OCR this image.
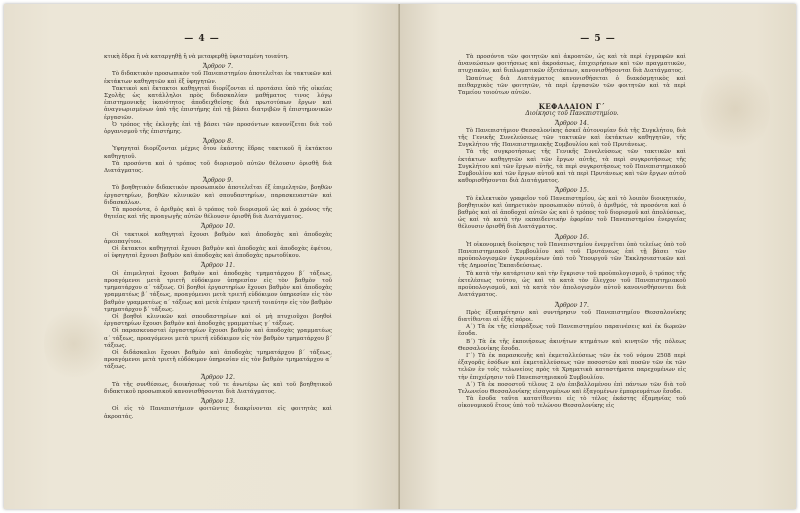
— 4 —

κτικὴ ἕδρα ἢ νὰ καταργηθῇ ἢ νὰ μεταφερθῇ ὑφισταμένη τοιαύτη.

Ἄρθρον 7.

Τὸ διδακτικὸν προσωπικὸν τοῦ Πανεπιστημίου ἀποτελεῖται ἐκ τακτικῶν καὶ ἐκτάκτων καθηγητῶν καὶ ἐξ ὑφηγητῶν.

Τακτικοὶ καὶ ἔκτακτοι καθηγηταὶ διορίζονται εἰ προτάσει ὑπὸ τῆς οἰκείας Σχολῆς ὡς κατάλληλοι πρὸς διδασκαλίαν μαθήματος τινος λόγῳ ἐπιστημονικῆς ἱκανότητος ἀποδειχθείσης διὰ πρωτοτύπων ἔργων καὶ ἀναγνωρισμένων ὑπὸ τῆς ἐπιστήμης ἐπὶ τῇ βάσει διατριβῶν ἢ ἐπιστημονικῶν ἐργασιῶν.

Ὁ τρόπος τῆς ἐκλογῆς ἐπὶ τῇ βάσει τῶν προσόντων κανονίζεται διὰ τοῦ ὀργανισμοῦ τῆς ἐπιστήμης.

Ἄρθρον 8.

Ὑφηγηταὶ διορίζονται μέχρις ὅτου ἐκάστης ἕδρας τακτικοῦ ἢ ἐκτάκτου καθηγητοῦ.

Τὰ προσόντα καὶ ὁ τρόπος τοῦ διορισμοῦ αὐτῶν θέλουσιν ὁρισθῆ διὰ Διατάγματος.

Ἄρθρον 9.

Τὸ βοηθητικὸν διδακτικὸν προσωπικὸν ἀποτελεῖται ἐξ ἐπιμελητῶν, βοηθῶν ἐργαστηρίων, βοηθῶν κλινικῶν καὶ σπουδαστηρίων, παρασκευαστῶν καὶ διδασκάλων.

Τὰ προσόντα, ὁ ἀριθμὸς καὶ ὁ τρόπος τοῦ διορισμοῦ ὡς καὶ ὁ χρόνος τῆς θητείας καὶ τῆς προαγωγῆς αὐτῶν θέλουσιν ὁρισθῆ διὰ Διατάγματος.

Ἄρθρον 10.

Οἱ τακτικοὶ καθηγηταὶ ἔχουσι βαθμὸν καὶ ἀποδοχὰς καὶ ἀποδοχὰς ἀρεοπαγίτου.

Οἱ ἔκτακτοι καθηγηταὶ ἔχουσι βαθμὸν καὶ ἀποδοχὰς καὶ ἀποδοχὰς ἐφέτου, οἱ ὑφηγηταὶ ἔχουσι βαθμὸν καὶ ἀποδοχὰς καὶ ἀποδοχὰς πρωτοδίκου.

Ἄρθρον 11.

Οἱ ἐπιμεληταὶ ἔχουσι βαθμὸν καὶ ἀποδοχὰς τμηματάρχου β΄ τάξεως, προαγόμενοι μετὰ τριετῆ εὐδόκιμον ὑπηρεσίαν εἰς τὸν βαθμὸν τοῦ τμηματάρχου α΄ τάξεως. Οἱ βοηθοὶ ἐργαστηρίων ἔχουσι βαθμὸν καὶ ἀποδοχὰς γραμματέως β΄ τάξεως, προαγόμενοι μετὰ τριετῆ εὐδόκιμον ὑπηρεσίαν εἰς τὸν βαθμὸν γραμματέως α΄ τάξεως καὶ μετὰ ἑτέραν τριετῆ τοιαύτην εἰς τὸν βαθμὸν τμηματάρχου β΄ τάξεως.

Οἱ βοηθοὶ κλινικῶν καὶ σπουδαστηρίων καὶ οἱ μὴ πτυχιοῦχοι βοηθοὶ ἐργαστηρίων ἔχουσι βαθμὸν καὶ ἀποδοχὰς γραμματέως γ΄ τάξεως.

Οἱ παρασκευασταὶ ἐργαστηρίων ἔχουσι βαθμὸν καὶ ἀποδοχὰς γραμματέως α΄ τάξεως, προαγόμενοι μετὰ τριετῆ εὐδόκιμον εἰς τὸν βαθμὸν τμηματάρχου β΄ τάξεως.

Οἱ διδάσκαλοι ἔχουσι βαθμὸν καὶ ἀποδοχὰς τμηματάρχου β΄ τάξεως, προαγόμενοι μετὰ τριετῆ εὐδόκιμον ὑπηρεσίαν εἰς τὸν βαθμὸν τμηματάρχου α΄ τάξεως.

Ἄρθρον 12.

Τὰ τῆς συνθέσεως, διοικήσεως τοῦ τε ἀνωτέρω ὡς καὶ τοῦ βοηθητικοῦ διδακτικοῦ προσωπικοῦ κανονισθήσονται διὰ Διατάγματος.

Ἄρθρον 13.

Οἱ εἰς τὸ Πανεπιστήμιον φοιτῶντες διακρίνονται εἰς φοιτητὰς καὶ ἀκροατάς.

— 5 —

Τὰ προσόντα τῶν φοιτητῶν καὶ ἀκροατῶν, ὡς καὶ τὰ περὶ ἐγγραφῶν καὶ ἀνανεώσεων φοιτήσεως καὶ ἀκροάσεως, ἐπιχειρήσεων καὶ τῶν πραγματικῶν, πτυχιακῶν, καὶ διπλωματικῶν ἐξετάσεων, κανονισθήσονται διὰ Διατάγματος.

Ὡσαύτως διὰ Διατάγματος κανονισθήσεται ὁ διακόσμητικὸς καὶ πειθαρχικὸς τῶν φοιτητῶν, τὰ περὶ ἐργασιῶν τῶν φοιτητῶν καὶ τὰ περὶ Ταμείου τοιούτων αὐτῶν.

ΚΕΦΑΛΑΙΟΝ Γ΄
Διοίκησις τοῦ Πανεπιστημίου.
Ἄρθρον 14.

Τὸ Πανεπιστήμιον Θεσσαλονίκης ἀσκεῖ ἀὐτονομίαν διὰ τῆς Συγκλήτου, διὰ τῆς Γενικῆς Συνελεύσεως τῶν τακτικῶν καὶ ἐκτάκτων καθηγητῶν, τῆς Συγκλήτου τῆς Πανεπιστημιακῆς Συμβουλίου καὶ τοῦ Πρυτάνεως.

Τὰ τῆς συγκροτήσεως τῆς Γενικῆς Συνελεύσεως τῶν τακτικῶν καὶ ἐκτάκτων καθηγητῶν καὶ τῶν ἔργων αὐτῆς, τὰ περὶ συγκροτήσεως τῆς Συγκλήτου καὶ τῶν ἔργων αὐτῆς, τὰ περὶ συγκροτήσεως τοῦ Πανεπιστημιακοῦ Συμβουλίου καὶ τῶν ἔργων αὐτοῦ καὶ τὰ περὶ Πρυτάνεως καὶ τῶν ἔργων αὐτοῦ καθορισθήσονται διὰ Διατάγματος.

Ἄρθρον 15.

Τὸ ἐκλεκτικὸν γραφεῖον τοῦ Πανεπιστημίου, ὡς καὶ τὸ λοιπὸν διοικητικόν, βοηθητικὸν καὶ ὑπηρετικὸν προσωπικὸν αὐτοῦ, ὁ ἀριθμός, τὰ προσόντα καὶ ὁ βαθμὸς καὶ αἱ ἀποδοχαὶ αὐτῶν ὡς καὶ ὁ τρόπος τοῦ διορισμοῦ καὶ ἀπολύσεως, ὡς καὶ τὰ κατὰ τὴν εκπαιδευτικὴν ἐφορίαν τοῦ Πανεπιστημίου ἐνεργείας θέλουσιν ὁρισθῆ διὰ Διατάγματος.

Ἄρθρον 16.

Ἡ οἰκονομικὴ διοίκησις τοῦ Πανεπιστημίου ἐνεργεῖται ὑπὸ τελείως ὑπὸ τοῦ Πανεπιστημιακοῦ Συμβουλίου καὶ τοῦ Πρυτάνεως ἐπὶ τῇ βάσει τῶν προϋπολογισμῶν ἐγκρινομένων ὑπὸ τοῦ Ὑπουργοῦ τῶν Ἐκκλησιαστικῶν καὶ τῆς Δημοσίας Ἐκπαιδεύσεως.

Τὰ κατὰ τὴν κατάρτισιν καὶ τὴν ἔγκρισιν τοῦ προϋπολογισμοῦ, ὁ τρόπος τῆς ἐκτελέσεως τούτου, ὡς καὶ τὰ κατὰ τὸν ἔλεγχον τοῦ Πανεπιστημιακοῦ προϋπολογισμοῦ, καὶ τὰ κατὰ τὸν ἀπολογισμὸν αὐτοῦ κανονισθήσονται διὰ Διατάγματος.

Ἄρθρον 17.

Πρὸς ἐξυπηρέτησιν καὶ συντήρησιν τοῦ Πανεπιστημίου Θεσσαλονίκης διατίθενται αἱ ἐξῆς πόροι.

Α΄) Τὰ ἐκ τῆς εἰσπράξεως τοῦ Πανεπιστημίου παραινέσεις καὶ ἐκ δωρεῶν ἔσοδα.

Β΄) Τὰ ἐκ τῆς ἐκποιήσεως ἀκινήτων κτημάτων καὶ κινητῶν τῆς πόλεως Θεσσαλονίκης ἔσοδα.

Γ΄) Τὰ ἐκ παρασκευῆς καὶ ἐκμεταλλεύσεως τῶν ἐκ τοῦ νόμου 2508 περὶ ἐξαγορᾶς ἐσόδων καὶ ἐκμεταλλεύσεως τῶν ποσοστῶν καὶ ποσῶν τῶν ἐκ τῶν τελῶν ἐν τοῖς τελωνείοις πρὸς τὰ Χρηματικὰ καταστήματα παρεχομένων εἰς τὴν ἐπιχείρησιν τοῦ Πανεπιστημιακοῦ Συμβουλίου.

Δ΄) Τὰ ἐκ ποσοστοῦ τέλους 2 ο/ο ἐπιβαλλομένου ἐπὶ πάντων τῶν διὰ τοῦ Τελωνείου Θεσσαλονίκης εἰσαγομένων καὶ ἐξαγομένων ἐμπορευμάτων ἔσοδα.

Τὰ ἔσοδα ταῦτα κατατίθενται εἰς τὸ τέλος ἑκάστης ἐξαμηνίας τοῦ οἰκονομικοῦ ἔτους ὑπὸ τοῦ τελώνου Θεσσαλονίκης εἰς
